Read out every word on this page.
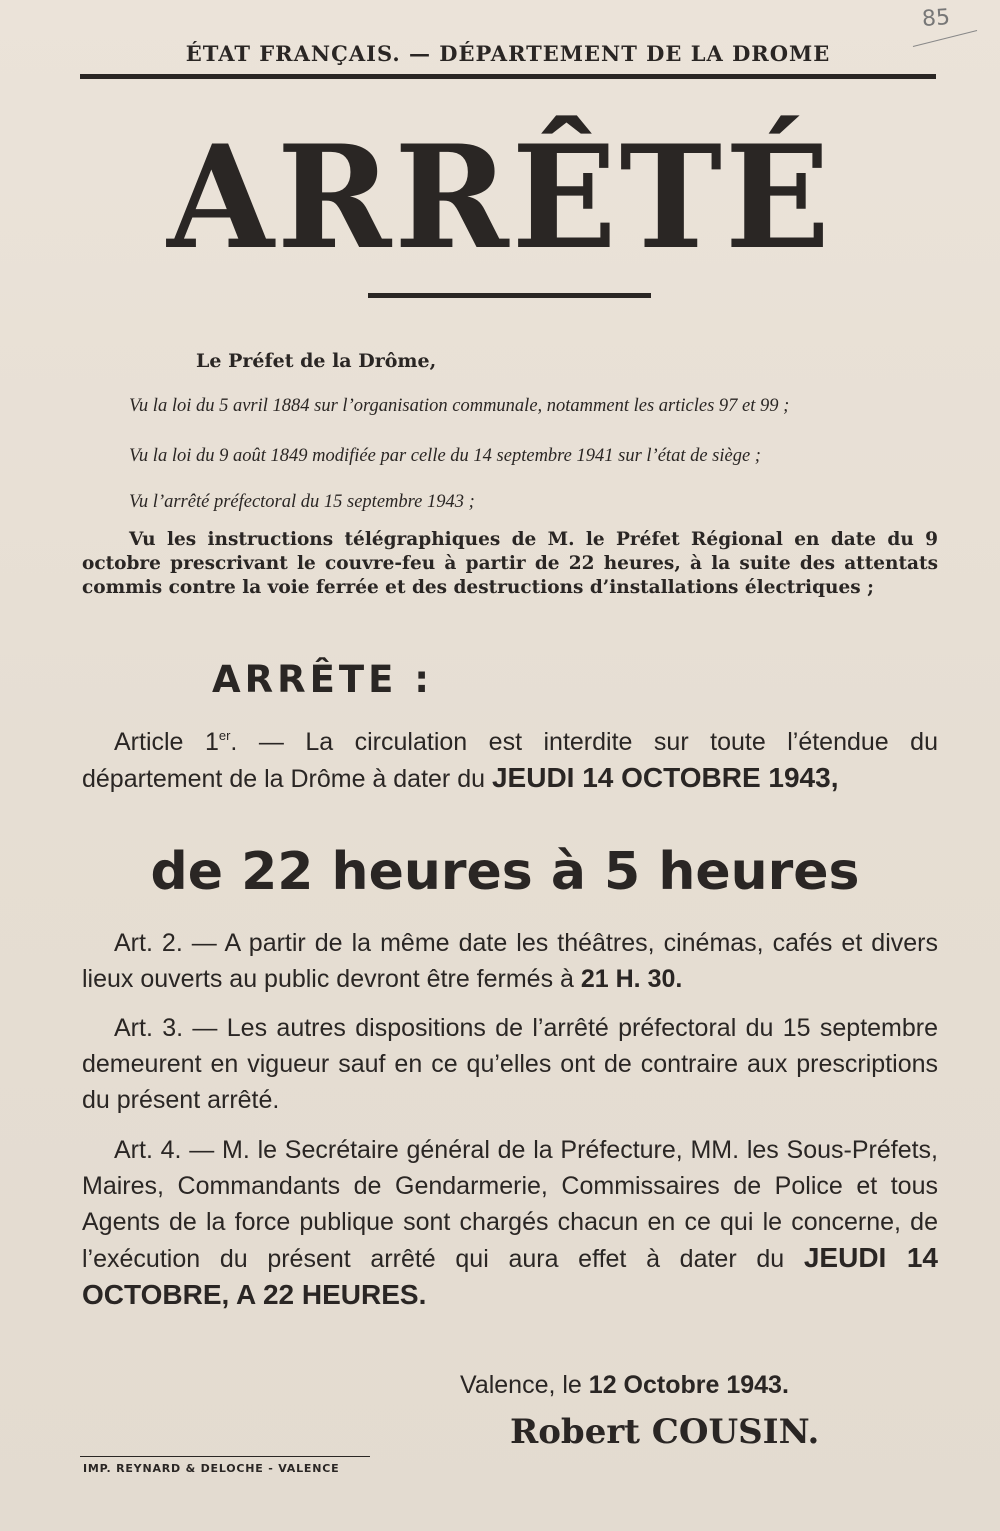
85
ÉTAT FRANÇAIS. — DÉPARTEMENT DE LA DROME
ARRÊTÉ
Le Préfet de la Drôme,
Vu la loi du 5 avril 1884 sur l’organisation communale, notamment les articles 97 et 99 ;
Vu la loi du 9 août 1849 modifiée par celle du 14 septembre 1941 sur l’état de siège ;
Vu l’arrêté préfectoral du 15 septembre 1943 ;
Vu les instructions télégraphiques de M. le Préfet Régional en date du 9 octobre prescrivant le couvre-feu à partir de 22 heures, à la suite des attentats commis contre la voie ferrée et des destructions d’installations électriques ;
ARRÊTE :
Article 1er. — La circulation est interdite sur toute l’étendue du département de la Drôme à dater du JEUDI 14 OCTOBRE 1943,
de 22 heures à 5 heures
Art. 2. — A partir de la même date les théâtres, cinémas, cafés et divers lieux ouverts au public devront être fermés à 21 H. 30.
Art. 3. — Les autres dispositions de l’arrêté préfectoral du 15 septembre demeurent en vigueur sauf en ce qu’elles ont de contraire aux prescriptions du présent arrêté.
Art. 4. — M. le Secrétaire général de la Préfecture, MM. les Sous-Préfets, Maires, Commandants de Gendarmerie, Commissaires de Police et tous Agents de la force publique sont chargés chacun en ce qui le concerne, de l’exécution du présent arrêté qui aura effet à dater du JEUDI 14 OCTOBRE, A 22 HEURES.
Valence, le 12 Octobre 1943.
Robert COUSIN.
IMP. REYNARD & DELOCHE - VALENCE
